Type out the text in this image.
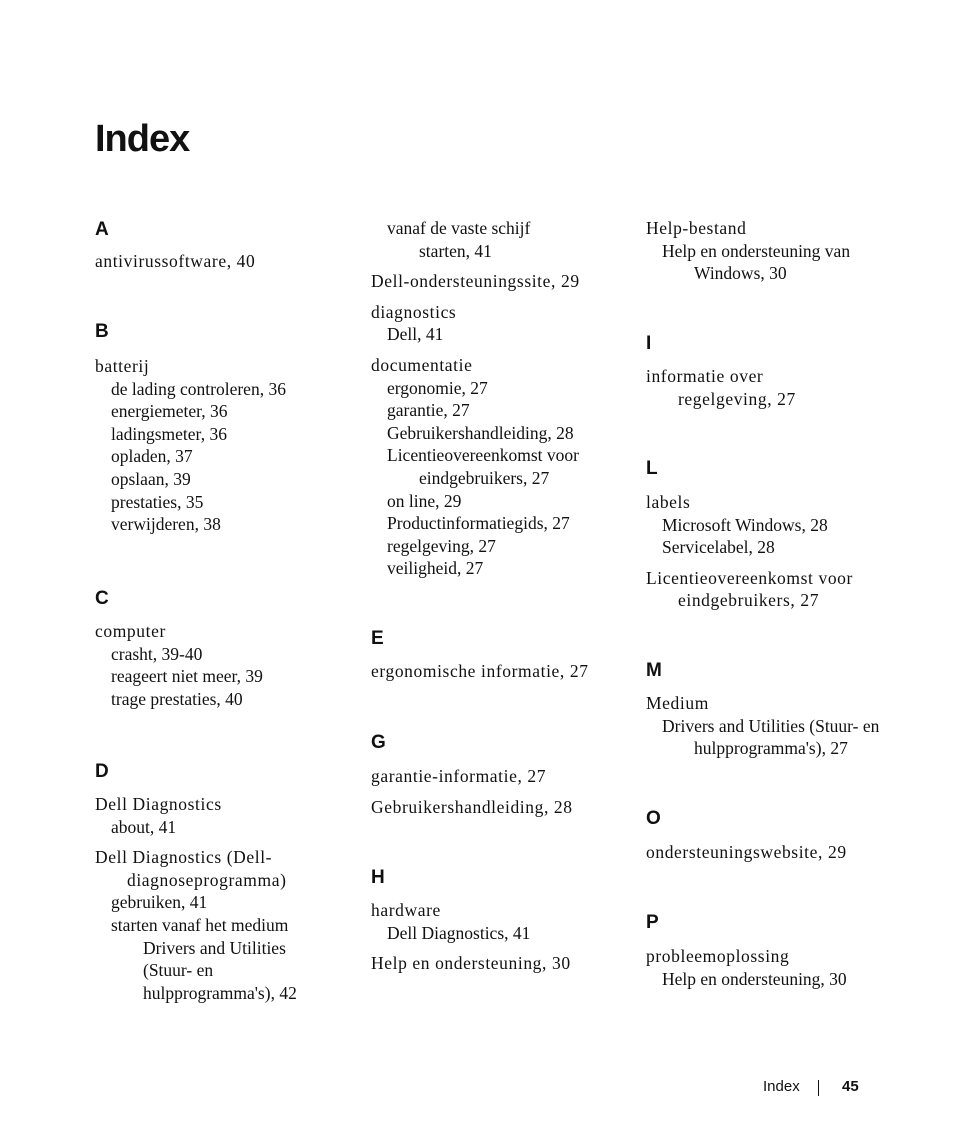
Index
A
antivirussoftware, 40
B
batterij
de lading controleren, 36
energiemeter, 36
ladingsmeter, 36
opladen, 37
opslaan, 39
prestaties, 35
verwijderen, 38
C
computer
crasht, 39-40
reageert niet meer, 39
trage prestaties, 40
D
Dell Diagnostics
about, 41
Dell Diagnostics (Dell-
diagnoseprogramma)
gebruiken, 41
starten vanaf het medium
Drivers and Utilities
(Stuur- en
hulpprogramma's), 42
vanaf de vaste schijf
starten, 41
Dell-ondersteuningssite, 29
diagnostics
Dell, 41
documentatie
ergonomie, 27
garantie, 27
Gebruikershandleiding, 28
Licentieovereenkomst voor
eindgebruikers, 27
on line, 29
Productinformatiegids, 27
regelgeving, 27
veiligheid, 27
E
ergonomische informatie, 27
G
garantie-informatie, 27
Gebruikershandleiding, 28
H
hardware
Dell Diagnostics, 41
Help en ondersteuning, 30
Help-bestand
Help en ondersteuning van
Windows, 30
I
informatie over
regelgeving, 27
L
labels
Microsoft Windows, 28
Servicelabel, 28
Licentieovereenkomst voor
eindgebruikers, 27
M
Medium
Drivers and Utilities (Stuur- en
hulpprogramma's), 27
O
ondersteuningswebsite, 29
P
probleemoplossing
Help en ondersteuning, 30
Index	45
